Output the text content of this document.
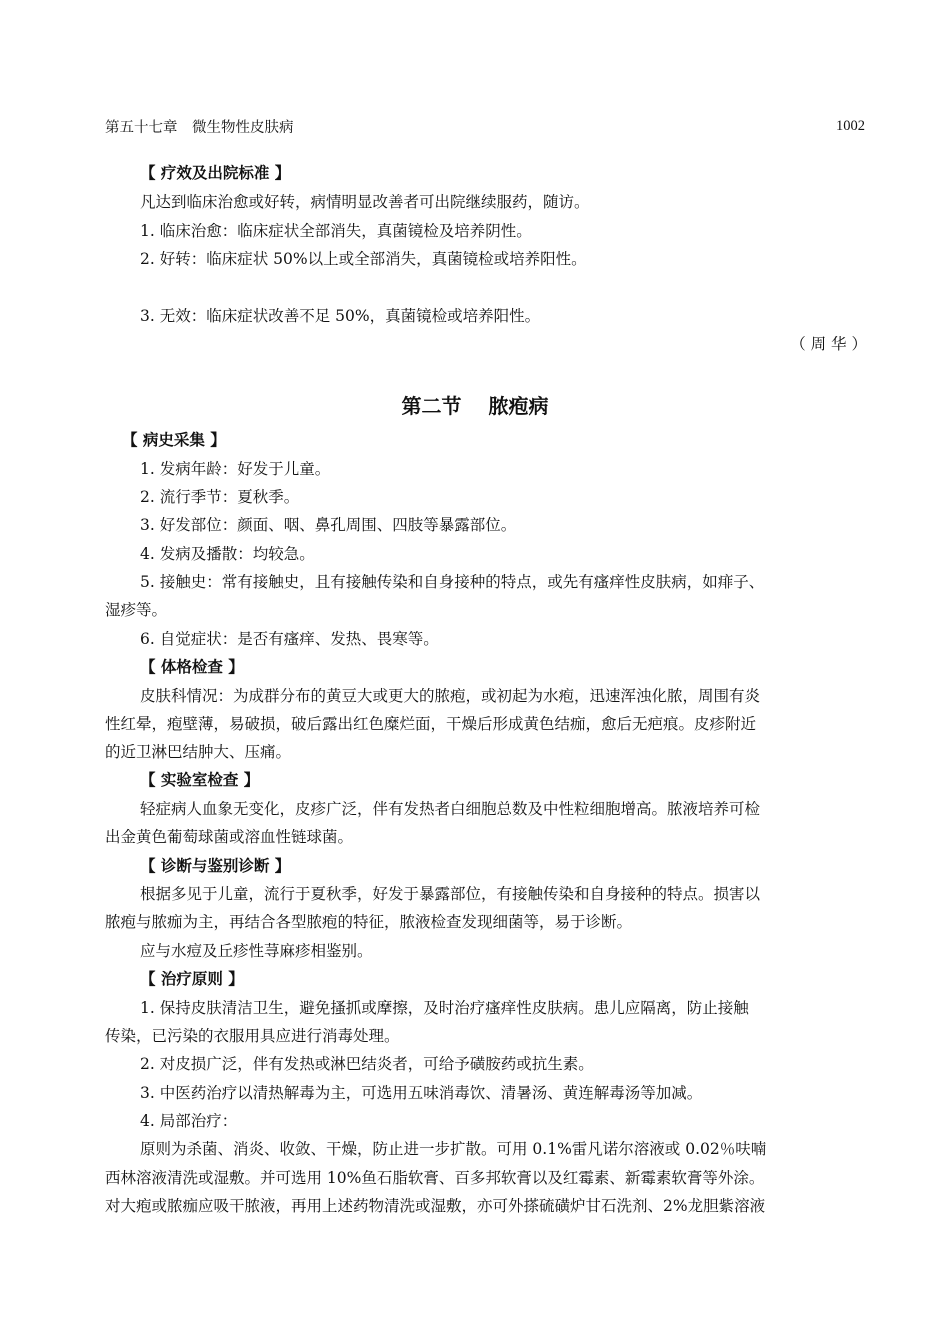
第五十七章　微生物性皮肤病	1002
第二节　 脓疱病
【 疗效及出院标准 】
凡达到临床治愈或好转，病情明显改善者可出院继续服药，随访。
1. 临床治愈：临床症状全部消失，真菌镜检及培养阴性。
2. 好转：临床症状 50%以上或全部消失，真菌镜检或培养阳性。
3. 无效：临床症状改善不足 50%，真菌镜检或培养阳性。
（ 周 华 ）
【 病史采集 】
1. 发病年龄：好发于儿童。
2. 流行季节：夏秋季。
3. 好发部位：颜面、咽、鼻孔周围、四肢等暴露部位。
4. 发病及播散：均较急。
5. 接触史：常有接触史，且有接触传染和自身接种的特点，或先有瘙痒性皮肤病，如痱子、
湿疹等。
6. 自觉症状：是否有瘙痒、发热、畏寒等。
【 体格检查 】
皮肤科情况：为成群分布的黄豆大或更大的脓疱，或初起为水疱，迅速浑浊化脓，周围有炎
性红晕，疱壁薄，易破损，破后露出红色糜烂面，干燥后形成黄色结痂，愈后无疤痕。皮疹附近
的近卫淋巴结肿大、压痛。
【 实验室检查 】
轻症病人血象无变化，皮疹广泛，伴有发热者白细胞总数及中性粒细胞增高。脓液培养可检
出金黄色葡萄球菌或溶血性链球菌。
【 诊断与鉴别诊断 】
根据多见于儿童，流行于夏秋季，好发于暴露部位，有接触传染和自身接种的特点。损害以
脓疱与脓痂为主，再结合各型脓疱的特征，脓液检查发现细菌等，易于诊断。
应与水痘及丘疹性荨麻疹相鉴别。
【 治疗原则 】
1. 保持皮肤清洁卫生，避免搔抓或摩擦，及时治疗瘙痒性皮肤病。患儿应隔离，防止接触
传染，已污染的衣服用具应进行消毒处理。
2. 对皮损广泛，伴有发热或淋巴结炎者，可给予磺胺药或抗生素。
3. 中医药治疗以清热解毒为主，可选用五味消毒饮、清暑汤、黄连解毒汤等加减。
4. 局部治疗：
原则为杀菌、消炎、收敛、干燥，防止进一步扩散。可用 0.1%雷凡诺尔溶液或 0.02％呋喃
西林溶液清洗或湿敷。并可选用 10%鱼石脂软膏、百多邦软膏以及红霉素、新霉素软膏等外涂。
对大疱或脓痂应吸干脓液，再用上述药物清洗或湿敷，亦可外搽硫磺炉甘石洗剂、2%龙胆紫溶液
